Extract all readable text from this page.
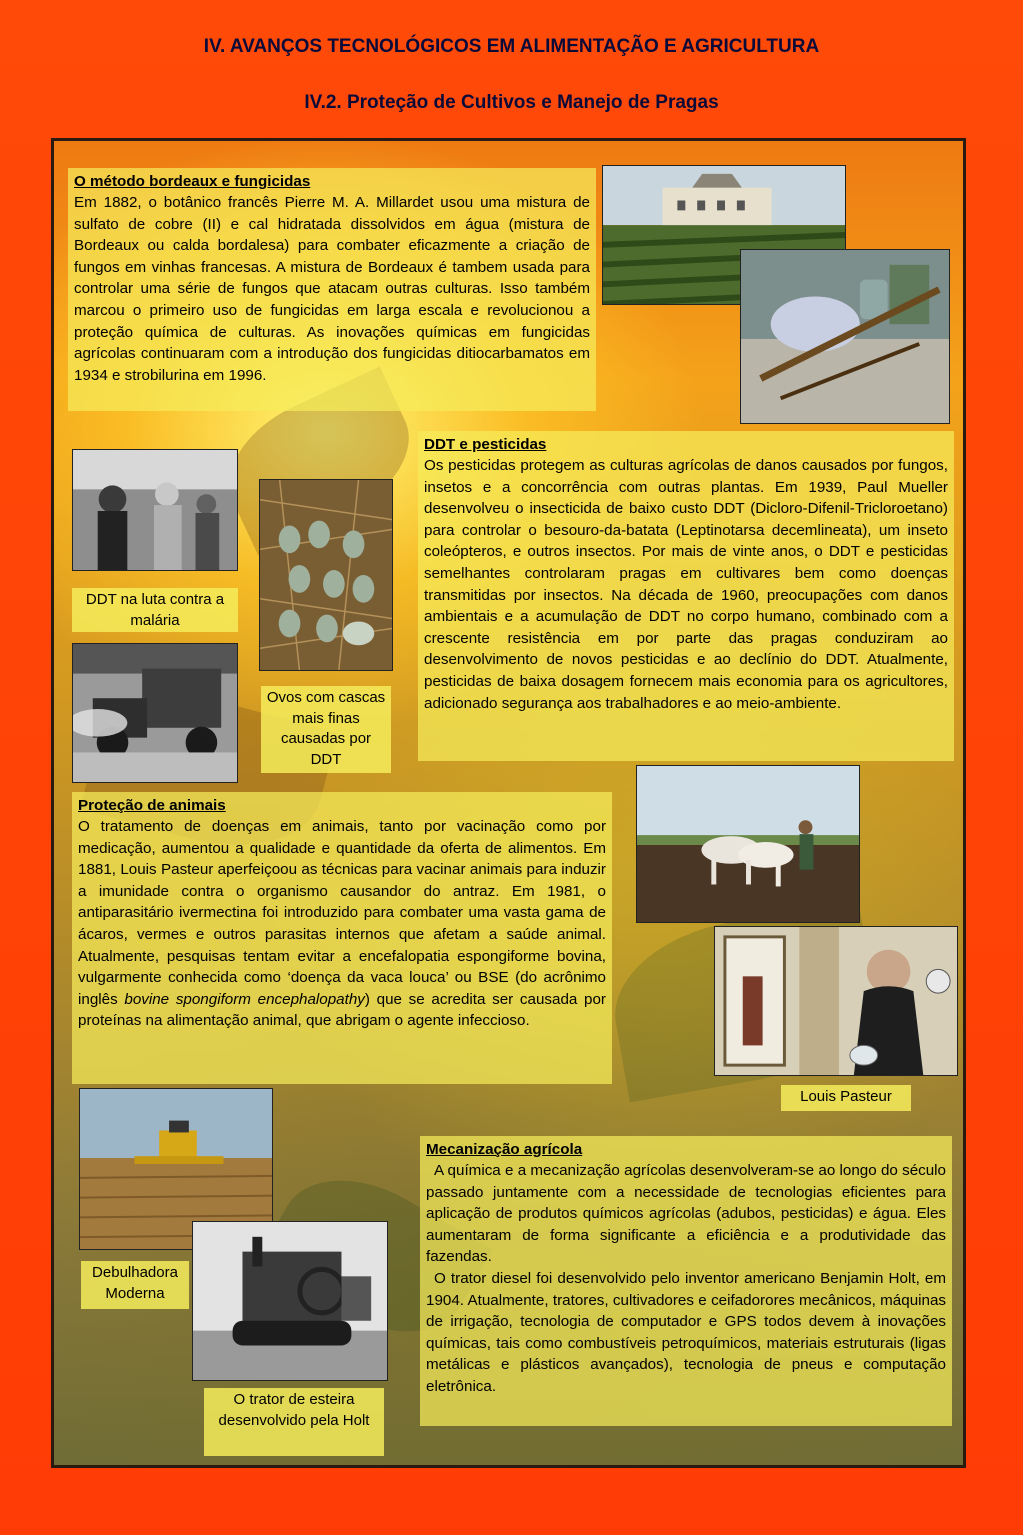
IV. AVANÇOS TECNOLÓGICOS EM ALIMENTAÇÃO E AGRICULTURA
IV.2. Proteção de Cultivos e Manejo de Pragas
O método bordeaux e fungicidas

Em 1882, o botânico francês Pierre M. A. Millardet usou uma mistura de sulfato de cobre (II) e cal hidratada dissolvidos em água (mistura de Bordeaux ou calda bordalesa) para combater eficazmente a criação de fungos em vinhas francesas. A mistura de Bordeaux é tambem usada para controlar uma série de fungos que atacam outras culturas. Isso também marcou o primeiro uso de fungicidas em larga escala e revolucionou a proteção química de culturas. As inovações químicas em fungicidas agrícolas continuaram com a introdução dos fungicidas ditiocarbamatos em 1934 e strobilurina em 1996.

DDT na luta contra a malária
Ovos com cascas mais finas causadas por DDT
DDT e pesticidas

Os pesticidas protegem as culturas agrícolas de danos causados por fungos, insetos e a concorrência com outras plantas. Em 1939, Paul Mueller desenvolveu o insecticida de baixo custo DDT (Dicloro-Difenil-Tricloroetano) para controlar o besouro-da-batata (Leptinotarsa decemlineata), um inseto coleópteros, e outros insectos. Por mais de vinte anos, o DDT e pesticidas semelhantes controlaram pragas em cultivares bem como doenças transmitidas por insectos. Na década de 1960, preocupações com danos ambientais e a acumulação de DDT no corpo humano, combinado com a crescente resistência em por parte das pragas conduziram ao desenvolvimento de novos pesticidas e ao declínio do DDT. Atualmente, pesticidas de baixa dosagem fornecem mais economia para os agricultores, adicionado segurança aos trabalhadores e ao meio-ambiente.

Proteção de animais

O tratamento de doenças em animais, tanto por vacinação como por medicação, aumentou a qualidade e quantidade da oferta de alimentos. Em 1881, Louis Pasteur aperfeiçoou as técnicas para vacinar animais para induzir a imunidade contra o organismo causandor do antraz. Em 1981, o antiparasitário ivermectina foi introduzido para combater uma vasta gama de ácaros, vermes e outros parasitas internos que afetam a saúde animal. Atualmente, pesquisas tentam evitar a encefalopatia espongiforme bovina, vulgarmente conhecida como ‘doença da vaca louca’ ou BSE (do acrônimo inglês bovine spongiform encephalopathy) que se acredita ser causada por proteínas na alimentação animal, que abrigam o agente infeccioso.

Louis Pasteur
Debulhadora Moderna
O trator de esteira desenvolvido pela Holt
Mecanização agrícola

A química e a mecanização agrícolas desenvolveram-se ao longo do século passado juntamente com a necessidade de tecnologias eficientes para aplicação de produtos químicos agrícolas (adubos, pesticidas) e água. Eles aumentaram de forma significante a eficiência e a produtividade das fazendas.

O trator diesel foi desenvolvido pelo inventor americano Benjamin Holt, em 1904. Atualmente, tratores, cultivadores e ceifadorores mecânicos, máquinas de irrigação, tecnologia de computador e GPS todos devem à inovações químicas, tais como combustíveis petroquímicos, materiais estruturais (ligas metálicas e plásticos avançados), tecnologia de pneus e computação eletrônica.
